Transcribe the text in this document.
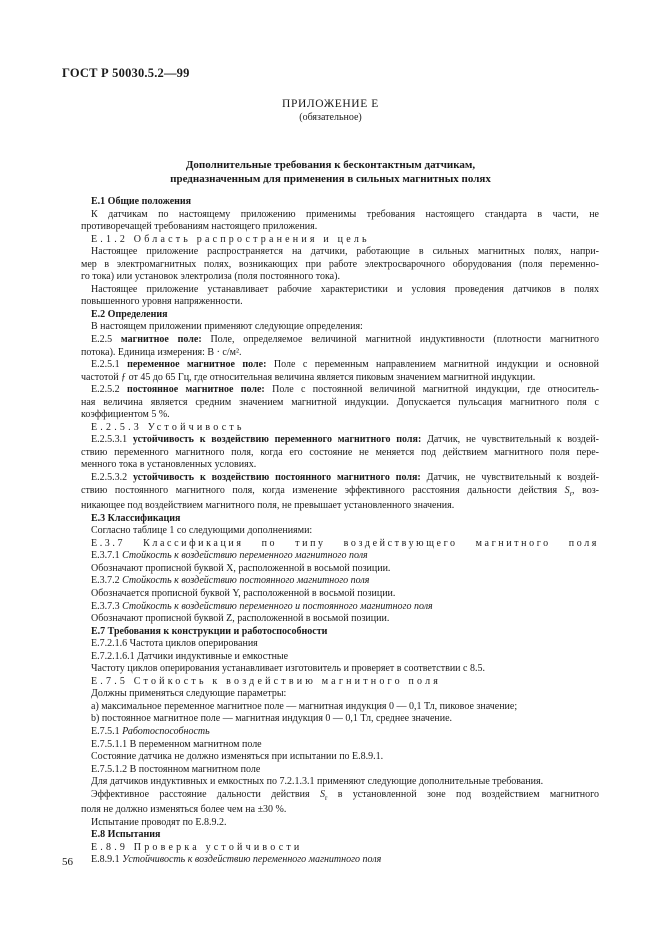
ГОСТ Р 50030.5.2—99
ПРИЛОЖЕНИЕ Е
(обязательное)
Дополнительные требования к бесконтактным датчикам,
предназначенным для применения в сильных магнитных полях

Е.1 Общие положения

К датчикам по настоящему приложению применимы требования настоящего стандарта в части, не

противоречащей требованиям настоящего приложения.

Е.1.2 Область распространения и цель

Настоящее приложение распространяется на датчики, работающие в сильных магнитных полях, напри-

мер в электромагнитных полях, возникающих при работе электросварочного оборудования (поля переменно-

го тока) или установок электролиза (поля постоянного тока).

Настоящее приложение устанавливает рабочие характеристики и условия проведения датчиков в полях

повышенного уровня напряженности.

Е.2 Определения

В настоящем приложении применяют следующие определения:

Е.2.5 магнитное поле: Поле, определяемое величиной магнитной индуктивности (плотности магнитного

потока). Единица измерения: В · с/м².

Е.2.5.1 переменное магнитное поле: Поле с переменным направлением магнитной индукции и основной

частотой ƒ от 45 до 65 Гц, где относительная величина является пиковым значением магнитной индукции.

Е.2.5.2 постоянное магнитное поле: Поле с постоянной величиной магнитной индукции, где относитель-

ная величина является средним значением магнитной индукции. Допускается пульсация магнитного поля с

коэффициентом 5 %.

Е.2.5.3 Устойчивость

Е.2.5.3.1 устойчивость к воздействию переменного магнитного поля: Датчик, не чувствительный к воздей-

ствию переменного магнитного поля, когда его состояние не меняется под действием магнитного поля пере-

менного тока в установленных условиях.

Е.2.5.3.2 устойчивость к воздействию постоянного магнитного поля: Датчик, не чувствительный к воздей-

ствию постоянного магнитного поля, когда изменение эффективного расстояния дальности действия $S_r$, воз-

никающее под воздействием магнитного поля, не превышает установленного значения.

Е.3 Классификация

Согласно таблице 1 со следующими дополнениями:

Е.3.7 Классификация по типу воздействующего магнитного поля

Е.3.7.1 Стойкость к воздействию переменного магнитного поля

Обозначают прописной буквой X, расположенной в восьмой позиции.

Е.3.7.2 Стойкость к воздействию постоянного магнитного поля

Обозначается прописной буквой Y, расположенной в восьмой позиции.

Е.3.7.3 Стойкость к воздействию переменного и постоянного магнитного поля

Обозначают прописной буквой Z, расположенной в восьмой позиции.

Е.7 Требования к конструкции и работоспособности

Е.7.2.1.6 Частота циклов оперирования

Е.7.2.1.6.1 Датчики индуктивные и емкостные

Частоту циклов оперирования устанавливает изготовитель и проверяет в соответствии с 8.5.

Е.7.5 Стойкость к воздействию магнитного поля

Должны применяться следующие параметры:

а) максимальное переменное магнитное поле — магнитная индукция 0 — 0,1 Тл, пиковое значение;

b) постоянное магнитное поле — магнитная индукция 0 — 0,1 Тл, среднее значение.

Е.7.5.1 Работоспособность

Е.7.5.1.1 В переменном магнитном поле

Состояние датчика не должно изменяться при испытании по Е.8.9.1.

Е.7.5.1.2 В постоянном магнитном поле

Для датчиков индуктивных и емкостных по 7.2.1.3.1 применяют следующие дополнительные требования.

Эффективное расстояние дальности действия $S_r$ в установленной зоне под воздействием магнитного

поля не должно изменяться более чем на ±30 %.

Испытание проводят по Е.8.9.2.

Е.8 Испытания

Е.8.9 Проверка устойчивости

Е.8.9.1 Устойчивость к воздействию переменного магнитного поля

56
